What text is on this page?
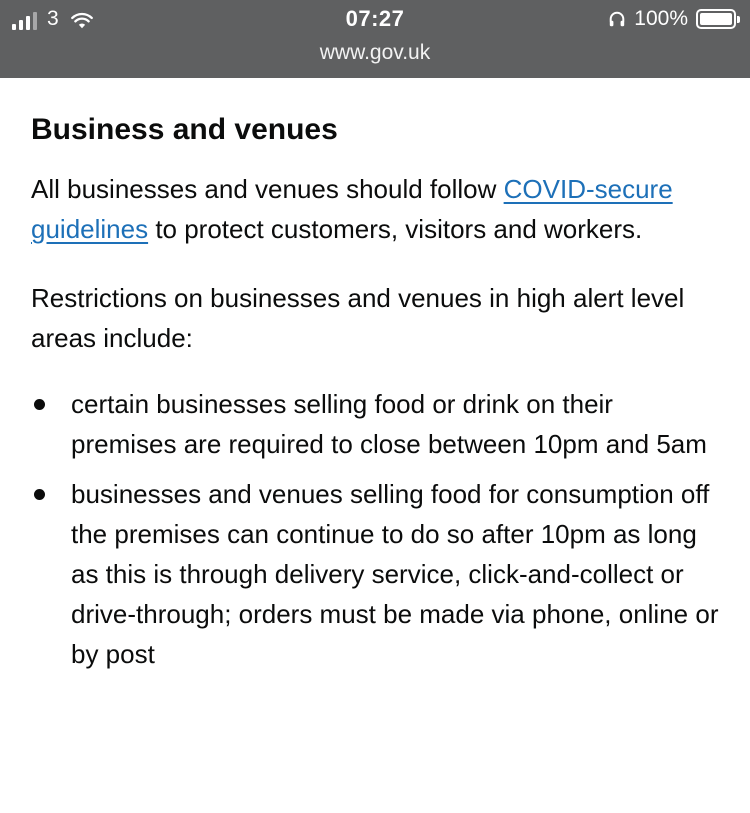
3	07:27
www.gov.uk
100%
Business and venues

All businesses and venues should follow COVID-secure guidelines to protect customers, visitors and workers.

Restrictions on businesses and venues in high alert level areas include:

certain businesses selling food or drink on their premises are required to close between 10pm and 5am
businesses and venues selling food for consumption off the premises can continue to do so after 10pm as long as this is through delivery service, click-and-collect or drive-through; orders must be made via phone, online or by post
